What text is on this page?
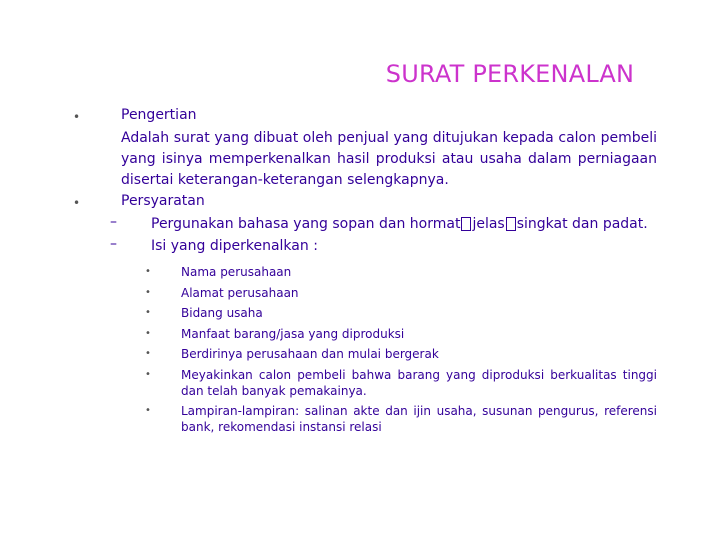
SURAT PERKENALAN
•	Pengertian
Adalah surat yang dibuat oleh penjual yang ditujukan kepada calon pembeli yang isinya memperkenalkan hasil produksi atau usaha dalam perniagaan disertai keterangan-keterangan selengkapnya.
•	Persyaratan
– Pergunakan bahasa yang sopan dan hormat jelas singkat dan padat.
– Isi yang diperkenalkan :
•	Nama perusahaan
•	Alamat perusahaan
•	Bidang usaha
•	Manfaat barang/jasa yang diproduksi
•	Berdirinya perusahaan dan mulai bergerak
•	Meyakinkan calon pembeli bahwa barang yang diproduksi berkualitas tinggi dan telah banyak pemakainya.
•	Lampiran-lampiran: salinan akte dan ijin usaha, susunan pengurus, referensi bank, rekomendasi instansi relasi
